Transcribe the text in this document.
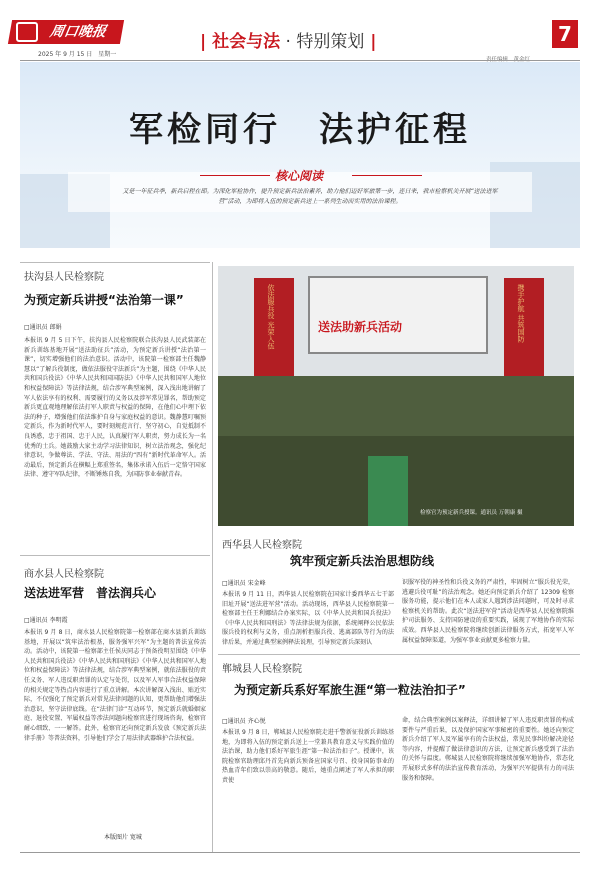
周口晚报
2025 年 9 月 15 日　星期一
| 社会与法 · 特别策划 |	7
军检同行　法护征程
核心阅读
又是一年征兵季，新兵启程在即。为深化军检协作，提升预定新兵法治素养，助力他们迈好军旅第一步，连日来，我市检察机关开展“送法进军营”活动，为即将入伍的预定新兵送上一系列生动而实用的法治课程。
扶沟县人民检察院
为预定新兵讲授“法治第一课”
□通讯员 郎娟
本报讯 9 月 5 日下午，扶沟县人民检察院联合扶沟县人民武装部在新兵训练基地开展“送法助征兵”活动，为预定新兵讲授“法治第一课”，切实增强他们的法治意识。活动中，该院第一检察部主任魏静慧以“了解兵役制度，做依法服役守法新兵”为主题，围绕《中华人民共和国兵役法》《中华人民共和国国防法》《中华人民共和国军人地位和权益保障法》等法律法规，结合涉军典型案例，深入浅出地讲解了军人依法享有的权利、需要履行的义务以及涉军常见罪名，帮助预定新兵更直观地理解依法打军人职责与权益的保障，在他们心中埋下依法的种子，增强他们依法维护自身与家庭权益的意识。魏静慧叮嘱预定新兵，作为新时代军人，要时刻规范言行、坚守初心，自觉抵制不良诱惑，忠于祖国、忠于人民，认真履行军人职责，努力成长为一名优秀的士兵。她鼓励大家主动学习法律知识，树立法治观念，强化纪律意识，争做尊法、学法、守法、用法的“四有”新时代革命军人。活动最后，预定新兵在横幅上郑重签名，集体承诺入伍后一定恪守国家法律、遵守军队纪律，不断锤炼自我，为国防事业奉献青春。
商水县人民检察院
送法进军营　普法润兵心
□通讯员 李明霞
本报讯 9 月 8 日，商水县人民检察院第一检察部在商水县新兵训练基地，开展以“筑牢法治根基，服务强军兴军”为主题的普法宣传活动。活动中，该院第一检察部主任侯庆同志于预备役明星围绕《中华人民共和国兵役法》《中华人民共和国刑法》《中华人民共和国军人地位和权益保障法》等法律法规，结合涉军典型案例，就依法服役的责任义务、军人违反职责罪的认定与处罚，以及军人军事合法权益保障的相关规定等热点内容进行了重点讲解。本次讲解深入浅出、贴近实际，不仅强化了预定新兵对常见法律问题的认知，更帮助他们增强法治意识，坚守法律底线。在“法律门诊”互动环节，预定新兵就婚姻家庭、退役安置、军属权益等涉法问题向检察官进行现场咨询，检察官耐心细致、一一解答。此外，检察官还向预定新兵发放《预定新兵法律手册》等普法资料，引导他们学会了用法律武器维护合法权益。
本版图片 宽城
依法服兵役 光荣入伍	携手护航 共筑国防
送法助新兵活动
检察官为预定新兵授课。通讯员 万朝康 摄
西华县人民检察院
筑牢预定新兵法治思想防线
□通讯员 宋金峰
本报讯 9 月 11 日，西华县人民检察院在国家计委西华五七干部旧址开展“送法进军营”活动。活动现场，西华县人民检察院第一检察部主任王利娜结合办案实际，以《中华人民共和国兵役法》《中华人民共和国刑法》等法律法规为依据，系统阐释公民依法服兵役的权利与义务，重点剖析拒服兵役、逃离部队等行为的法律后果，并通过典型案例释法说理，引导预定新兵深刻认
识服军役的神圣性和兵役义务的严肃性，牢固树立“服兵役光荣，逃避兵役可耻”的法治观念。她还向预定新兵介绍了 12309 检察服务功能，提示他们在本人或家人遇到涉法问题时，可及时寻求检察机关的帮助。此次“送法进军营”活动是西华县人民检察院维护司法服务、支持国防建设的重要实践，展现了军地协作的实际成效。西华县人民检察院将继续创新法律服务方式，拓宽军人军属权益保障渠道，为强军事业贡献更多检察力量。
郸城县人民检察院
为预定新兵系好军旅生涯“第一粒法治扣子”
□通讯员 齐心悦
本报讯 9 月 8 日，郸城县人民检察院走进千警新征役新兵训练基地，为即将入伍的预定新兵送上一堂兼具教育意义与实践价值的法治课，助力他们系好军旅生涯“第一粒法治扣子”。授课中，该院检察官助理邱丹首先向新兵预备应国家号召、投身国防事业的热血青年们致以崇高的敬意。随后，她重点阐述了军人承担的职责使
命，结合典型案例以案释法，详细讲解了军人违反职责罪的构成要件与严重后果，以及保护国家军事秘密的重要性。她还向预定新兵介绍了军人及军属享有的合法权益，常见民事纠纷解决途径等内容，并提醒了做法律意识的方法，让预定新兵感受到了法治的关怀与温度。郸城县人民检察院将继续加强军地协作，常态化开展形式多样的法治宣传教育活动，为强军兴军提供有力的司法服务和保障。
